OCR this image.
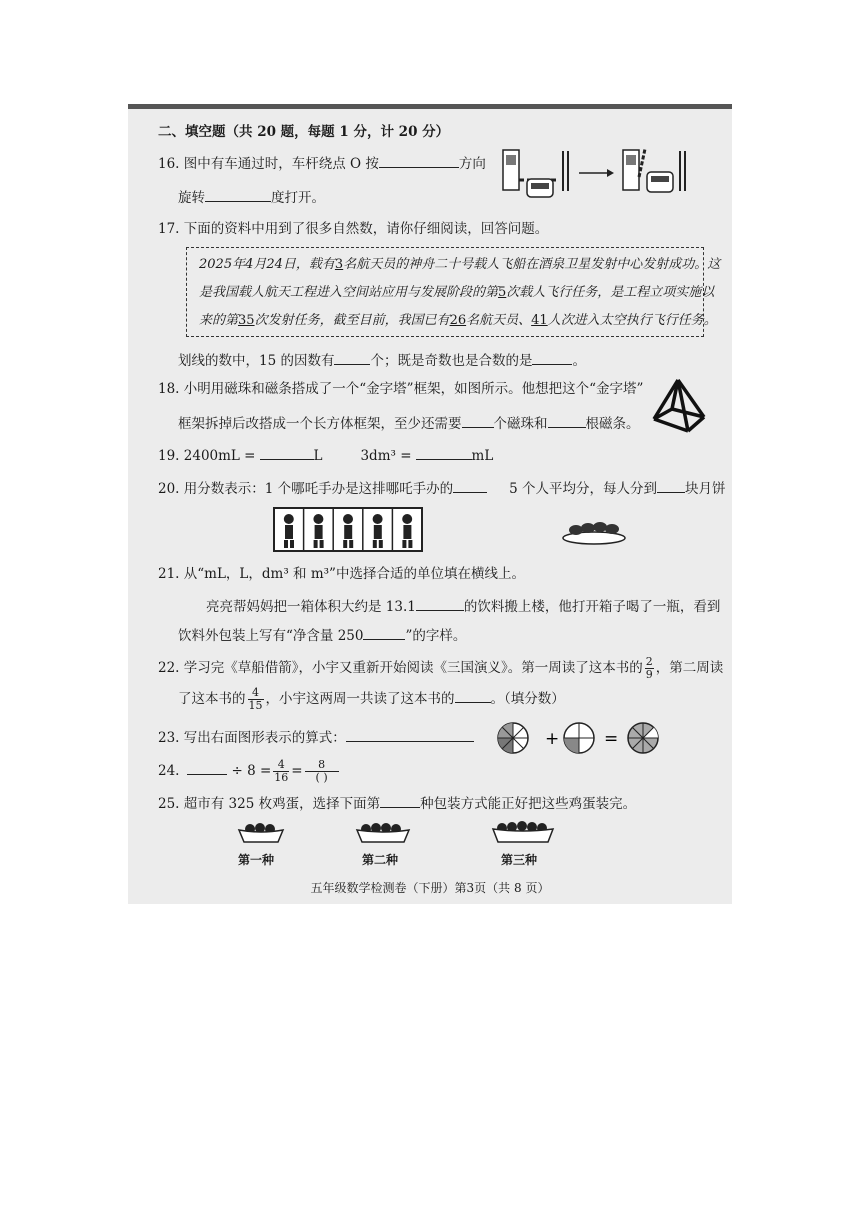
二、填空题（共 20 题，每题 1 分，计 20 分）
16. 图中有车通过时，车杆绕点 O 按	方向
旋转	度打开。
17. 下面的资料中用到了很多自然数，请你仔细阅读，回答问题。
2025年4月24日，载有3名航天员的神舟二十号载人飞船在酒泉卫星发射中心发射成功。这
是我国载人航天工程进入空间站应用与发展阶段的第5次载人飞行任务，是工程立项实施以
来的第35次发射任务，截至目前，我国已有26名航天员、41人次进入太空执行飞行任务。
划线的数中，15 的因数有	个；既是奇数也是合数的是	。
18. 小明用磁珠和磁条搭成了一个“金字塔”框架，如图所示。他想把这个“金字塔”
框架拆掉后改搭成一个长方体框架，至少还需要 个磁珠和	根磁条。
19. 2400mL =	L	3dm³ =	mL
20. 用分数表示：1 个哪吒手办是这排哪吒手办的	5 个人平均分，每人分到 块月饼
21. 从“mL，L，dm³ 和 m³”中选择合适的单位填在横线上。
亮亮帮妈妈把一箱体积大约是 13.1	的饮料搬上楼，他打开箱子喝了一瓶，看到
饮料外包装上写有“净含量 250	”的字样。
22. 学习完《草船借箭》，小宇又重新开始阅读《三国演义》。第一周读了这本书的 $\frac{2}{9}$ ，第二周读
了这本书的 $\frac{4}{15}$ ，小宇这两周一共读了这本书的	。（填分数）
23. 写出右面图形表示的算式：	+	=
24.	÷ $8 = \frac{4}{16} = \frac{8}{( )}$
25. 超市有 325 枚鸡蛋，选择下面第	种包装方式能正好把这些鸡蛋装完。
第一种	第二种	第三种
五年级数学检测卷（下册）第3页（共 8 页）
